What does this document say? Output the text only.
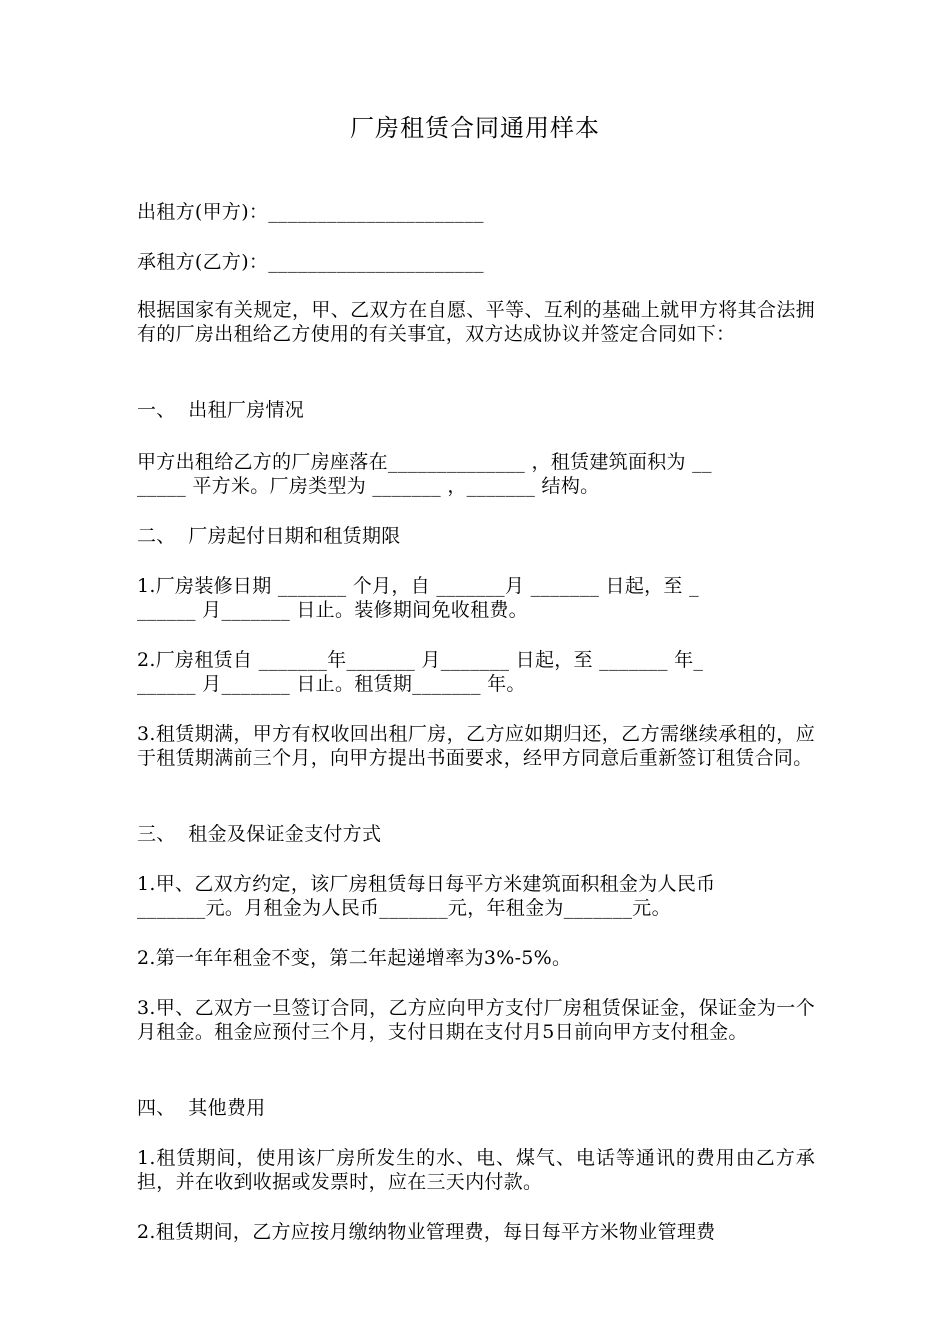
厂房租赁合同通用样本

出租方(甲方)：______________________

承租方(乙方)：______________________

根据国家有关规定，甲、乙双方在自愿、平等、互利的基础上就甲方将其合法拥有的厂房出租给乙方使用的有关事宜，双方达成协议并签定合同如下：

一、  出租厂房情况

甲方出租给乙方的厂房座落在______________ ，租赁建筑面积为 __

_____ 平方米。厂房类型为 _______ ，_______ 结构。

二、  厂房起付日期和租赁期限

1.厂房装修日期 _______ 个月，自 _______月 _______ 日起，至 _

______ 月_______ 日止。装修期间免收租费。

2.厂房租赁自 _______年_______ 月_______ 日起，至 _______ 年_

______ 月_______ 日止。租赁期_______ 年。

3.租赁期满，甲方有权收回出租厂房，乙方应如期归还，乙方需继续承租的，应于租赁期满前三个月，向甲方提出书面要求，经甲方同意后重新签订租赁合同。

三、  租金及保证金支付方式

1.甲、乙双方约定，该厂房租赁每日每平方米建筑面积租金为人民币

_______元。月租金为人民币_______元，年租金为_______元。

2.第一年年租金不变，第二年起递增率为3%-5%。

3.甲、乙双方一旦签订合同，乙方应向甲方支付厂房租赁保证金，保证金为一个月租金。租金应预付三个月，支付日期在支付月5日前向甲方支付租金。

四、  其他费用

1.租赁期间，使用该厂房所发生的水、电、煤气、电话等通讯的费用由乙方承担，并在收到收据或发票时，应在三天内付款。

2.租赁期间，乙方应按月缴纳物业管理费，每日每平方米物业管理费
